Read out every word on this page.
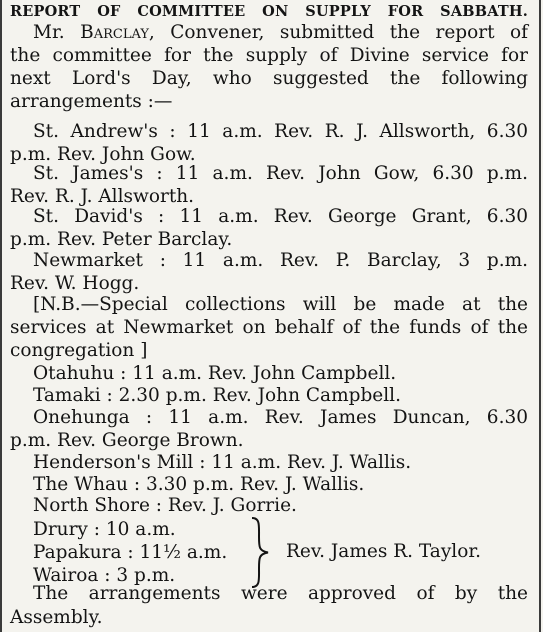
REPORT OF COMMITTEE ON SUPPLY FOR SABBATH.
Mr. Barclay, Convener, submitted the report of
the committee for the supply of Divine service for
next Lord's Day, who suggested the following
arrangements :—
St. Andrew's : 11 a.m. Rev. R. J. Allsworth, 6.30
p.m. Rev. John Gow.
St. James's : 11 a.m. Rev. John Gow, 6.30 p.m.
Rev. R. J. Allsworth.
St. David's : 11 a.m. Rev. George Grant, 6.30
p.m. Rev. Peter Barclay.
Newmarket : 11 a.m. Rev. P. Barclay, 3 p.m.
Rev. W. Hogg.
[N.B.—Special collections will be made at the
services at Newmarket on behalf of the funds of the
congregation ]
Otahuhu : 11 a.m. Rev. John Campbell.
Tamaki : 2.30 p.m. Rev. John Campbell.
Onehunga : 11 a.m. Rev. James Duncan, 6.30
p.m. Rev. George Brown.
Henderson's Mill : 11 a.m. Rev. J. Wallis.
The Whau : 3.30 p.m. Rev. J. Wallis.
North Shore : Rev. J. Gorrie.
Drury : 10 a.m.
Papakura : 11½ a.m.
Wairoa : 3 p.m.
Rev. James R. Taylor.
The arrangements were approved of by the
Assembly.
